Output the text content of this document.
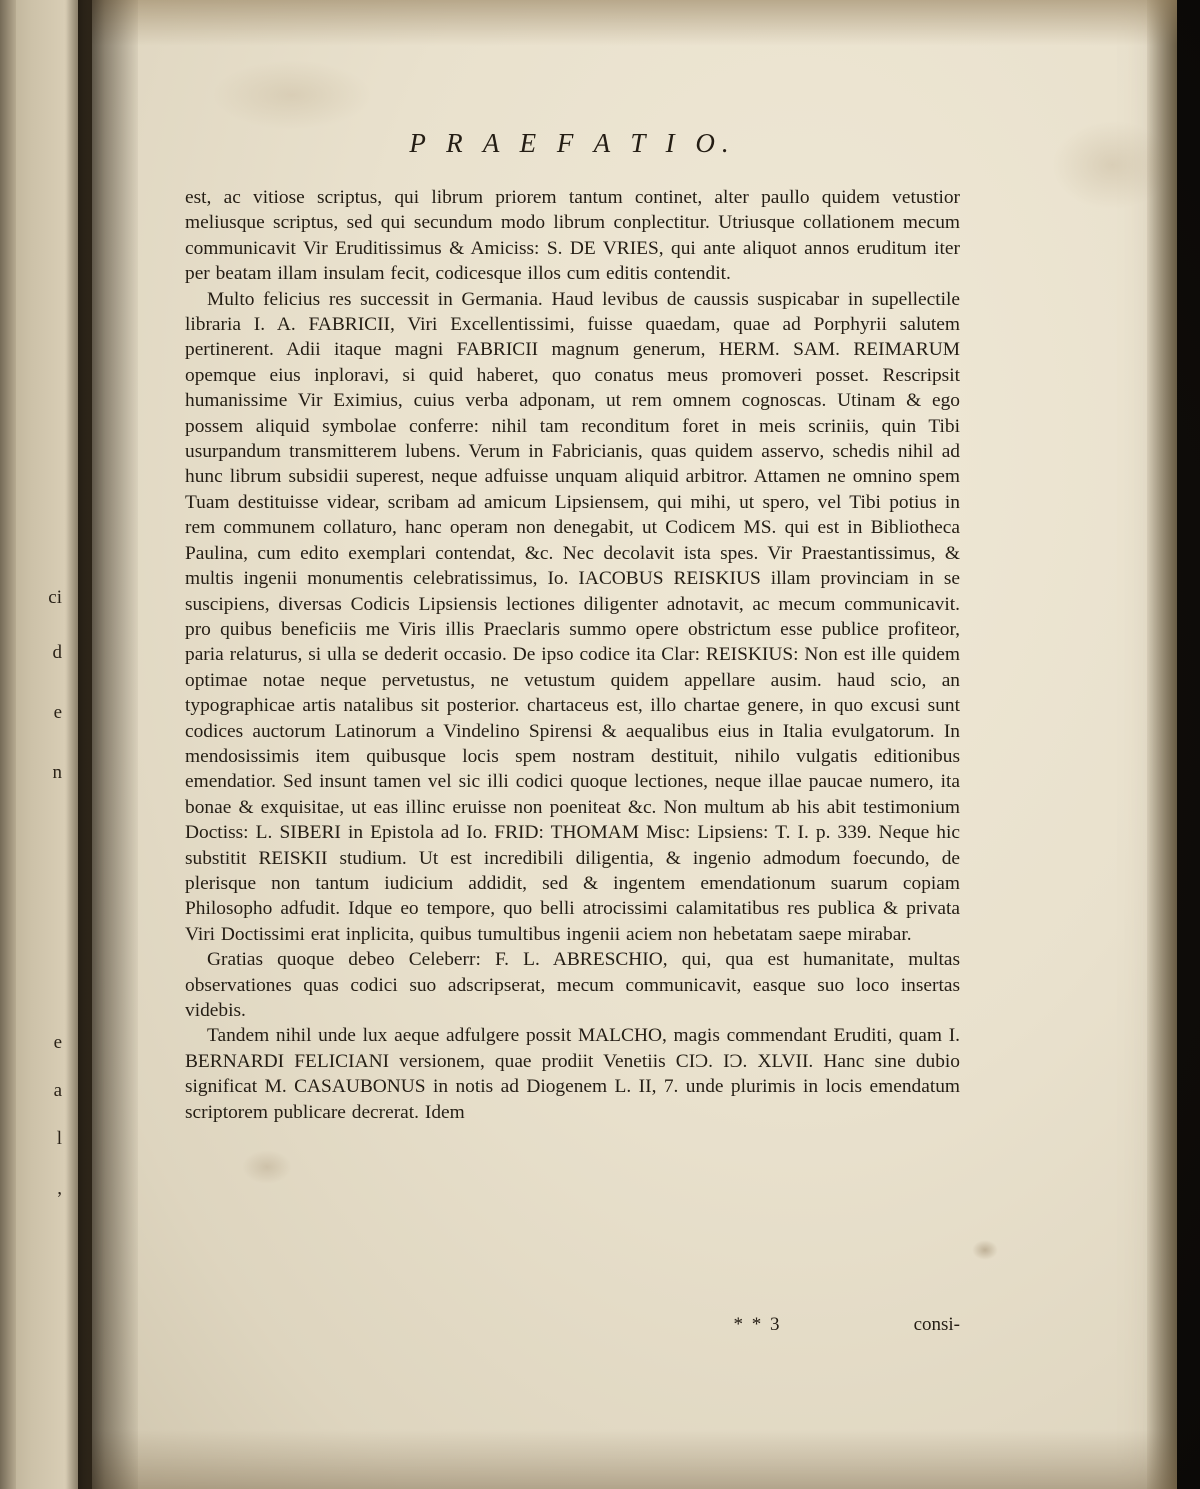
ci
d
e
n
e
a
l
,
P R A E F A T I O.

est, ac vitiose scriptus, qui librum priorem tantum continet, alter paullo quidem vetustior meliusque scriptus, sed qui secundum modo librum conplectitur. Utriusque collationem mecum communicavit Vir Eruditissimus & Amiciss: S. DE VRIES, qui ante aliquot annos eruditum iter per beatam illam insulam fecit, codicesque illos cum editis contendit.

Multo felicius res successit in Germania. Haud levibus de caussis suspicabar in supellectile libraria I. A. FABRICII, Viri Excellentissimi, fuisse quaedam, quae ad Porphyrii salutem pertinerent. Adii itaque magni FABRICII magnum generum, HERM. SAM. REIMARUM opemque eius inploravi, si quid haberet, quo conatus meus promoveri posset. Rescripsit humanissime Vir Eximius, cuius verba adponam, ut rem omnem cognoscas. Utinam & ego possem aliquid symbolae conferre: nihil tam reconditum foret in meis scriniis, quin Tibi usurpandum transmitterem lubens. Verum in Fabricianis, quas quidem asservo, schedis nihil ad hunc librum subsidii superest, neque adfuisse unquam aliquid arbitror. Attamen ne omnino spem Tuam destituisse videar, scribam ad amicum Lipsiensem, qui mihi, ut spero, vel Tibi potius in rem communem collaturo, hanc operam non denegabit, ut Codicem MS. qui est in Bibliotheca Paulina, cum edito exemplari contendat, &c. Nec decolavit ista spes. Vir Praestantissimus, & multis ingenii monumentis celebratissimus, Io. IACOBUS REISKIUS illam provinciam in se suscipiens, diversas Codicis Lipsiensis lectiones diligenter adnotavit, ac mecum communicavit. pro quibus beneficiis me Viris illis Praeclaris summo opere obstrictum esse publice profiteor, paria relaturus, si ulla se dederit occasio. De ipso codice ita Clar: REISKIUS: Non est ille quidem optimae notae neque pervetustus, ne vetustum quidem appellare ausim. haud scio, an typographicae artis natalibus sit posterior. chartaceus est, illo chartae genere, in quo excusi sunt codices auctorum Latinorum a Vindelino Spirensi & aequalibus eius in Italia evulgatorum. In mendosissimis item quibusque locis spem nostram destituit, nihilo vulgatis editionibus emendatior. Sed insunt tamen vel sic illi codici quoque lectiones, neque illae paucae numero, ita bonae & exquisitae, ut eas illinc eruisse non poeniteat &c. Non multum ab his abit testimonium Doctiss: L. SIBERI in Epistola ad Io. FRID: THOMAM Misc: Lipsiens: T. I. p. 339. Neque hic substitit REISKII studium. Ut est incredibili diligentia, & ingenio admodum foecundo, de plerisque non tantum iudicium addidit, sed & ingentem emendationum suarum copiam Philosopho adfudit. Idque eo tempore, quo belli atrocissimi calamitatibus res publica & privata Viri Doctissimi erat inplicita, quibus tumultibus ingenii aciem non hebetatam saepe mirabar.

Gratias quoque debeo Celeberr: F. L. ABRESCHIO, qui, qua est humanitate, multas observationes quas codici suo adscripserat, mecum communicavit, easque suo loco insertas videbis.

Tandem nihil unde lux aeque adfulgere possit MALCHO, magis commendant Eruditi, quam I. BERNARDI FELICIANI versionem, quae prodiit Venetiis CIƆ. IƆ. XLVII. Hanc sine dubio significat M. CASAUBONUS in notis ad Diogenem L. II, 7. unde plurimis in locis emendatum scriptorem publicare decrerat. Idem

* * 3	consi-
